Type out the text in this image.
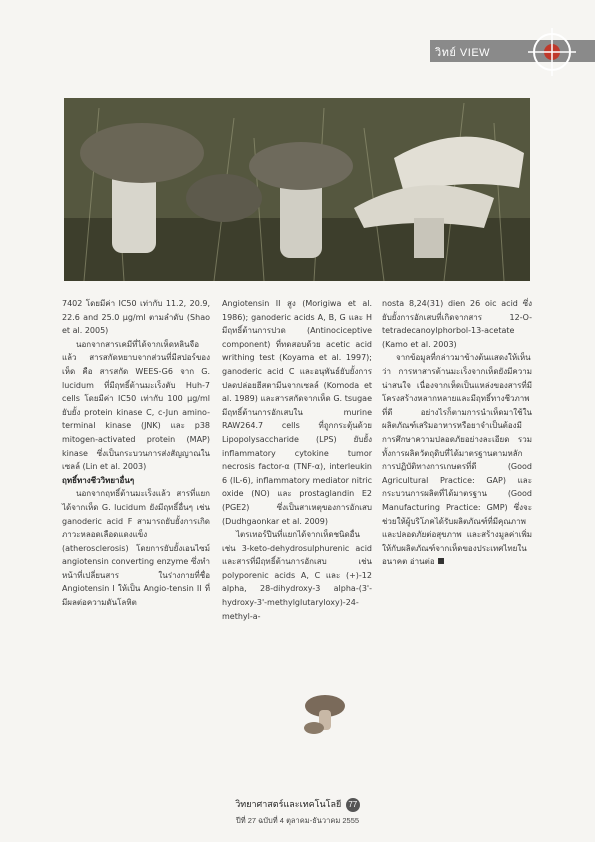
วิทย์ VIEW

7402 โดยมีค่า IC50 เท่ากับ 11.2, 20.9, 22.6 and 25.0 µg/ml ตามลำดับ (Shao et al. 2005)

นอกจากสารเคมีที่ได้จากเห็ดหลินจือแล้ว สารสกัดหยาบจากส่วนที่มีสปอร์ของเห็ด คือ สารสกัด WEES-G6 จาก G. lucidum ที่มีฤทธิ์ต้านมะเร็งตับ Huh-7 cells โดยมีค่า IC50 เท่ากับ 100 µg/ml ยับยั้ง protein kinase C, c-Jun amino-terminal kinase (JNK) และ p38 mitogen-activated protein (MAP) kinase ซึ่งเป็นกระบวนการส่งสัญญาณในเซลล์ (Lin et al. 2003)

ฤทธิ์ทางชีววิทยาอื่นๆ

นอกจากฤทธิ์ต้านมะเร็งแล้ว สารที่แยกได้จากเห็ด G. lucidum ยังมีฤทธิ์อื่นๆ เช่น ganoderic acid F สามารถยับยั้งการเกิดภาวะหลอดเลือดแดงแข็ง (atherosclerosis) โดยการยับยั้งเอนไซม์ angiotensin converting enzyme ซึ่งทำหน้าที่เปลี่ยนสาร ในร่างกายที่ชื่อ Angiotensin I ให้เป็น Angio-tensin II ที่มีผลต่อความดันโลหิต

Angiotensin II สูง (Morigiwa et al. 1986); ganoderic acids A, B, G และ H มีฤทธิ์ต้านการปวด (Antinociceptive component) ที่ทดสอบด้วย acetic acid writhing test (Koyama et al. 1997); ganoderic acid C และอนุพันธ์ยับยั้งการปลดปล่อยฮีสตามีนจากเซลล์ (Komoda et al. 1989) และสารสกัดจากเห็ด G. tsugae มีฤทธิ์ต้านการอักเสบใน murine RAW264.7 cells ที่ถูกกระตุ้นด้วย Lipopolysaccharide (LPS) ยับยั้ง inflammatory cytokine tumor necrosis factor-α (TNF-α), interleukin 6 (IL-6), inflammatory mediator nitric oxide (NO) และ prostaglandin E2 (PGE2) ซึ่งเป็นสาเหตุของการอักเสบ (Dudhgaonkar et al. 2009)

ไตรเทอร์ปีนที่แยกได้จากเห็ดชนิดอื่น เช่น 3-keto-dehydrosulphurenic acid และสารที่มีฤทธิ์ต้านการอักเสบ เช่น polyporenic acids A, C และ (+)-12 alpha, 28-dihydroxy-3 alpha-(3'-hydroxy-3'-methylglutaryloxy)-24-methyl-a-

nosta 8,24(31) dien 26 oic acid ซึ่งยับยั้งการอักเสบที่เกิดจากสาร 12-O-tetradecanoylphorbol-13-acetate (Kamo et al. 2003)

จากข้อมูลที่กล่าวมาข้างต้นแสดงให้เห็นว่า การหาสารต้านมะเร็งจากเห็ดยังมีความน่าสนใจ เนื่องจากเห็ดเป็นแหล่งของสารที่มีโครงสร้างหลากหลายและมีฤทธิ์ทางชีวภาพที่ดี อย่างไรก็ตามการนำเห็ดมาใช้ในผลิตภัณฑ์เสริมอาหารหรือยาจำเป็นต้องมีการศึกษาความปลอดภัยอย่างละเอียด รวมทั้งการผลิตวัตถุดิบที่ได้มาตรฐานตามหลักการปฏิบัติทางการเกษตรที่ดี (Good Agricultural Practice: GAP) และกระบวนการผลิตที่ได้มาตรฐาน (Good Manufacturing Practice: GMP) ซึ่งจะช่วยให้ผู้บริโภคได้รับผลิตภัณฑ์ที่มีคุณภาพและปลอดภัยต่อสุขภาพ และสร้างมูลค่าเพิ่มให้กับผลิตภัณฑ์จากเห็ดของประเทศไทยในอนาคต อ่านต่อ

วิทยาศาสตร์และเทคโนโลยี 77
ปีที่ 27 ฉบับที่ 4 ตุลาคม-ธันวาคม 2555
